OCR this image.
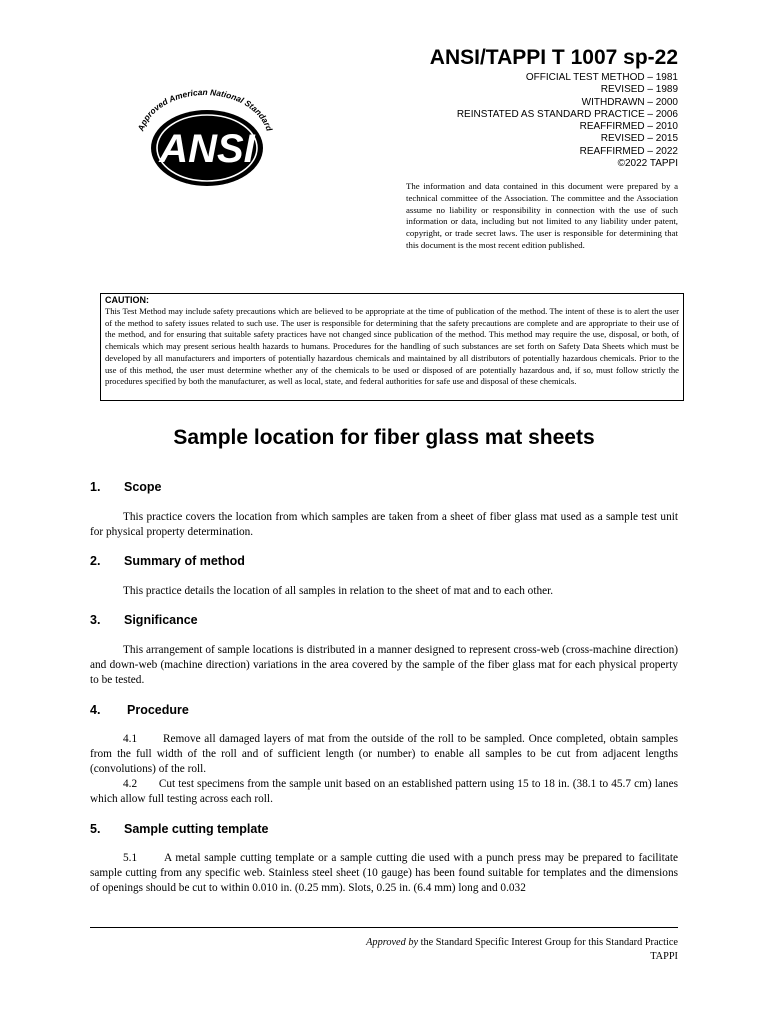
Approved American National Standard
ANSI
ANSI/TAPPI T 1007 sp-22
OFFICIAL TEST METHOD – 1981
REVISED – 1989
WITHDRAWN – 2000
REINSTATED AS STANDARD PRACTICE – 2006
REAFFIRMED – 2010
REVISED – 2015
REAFFIRMED – 2022
©2022 TAPPI
The information and data contained in this document were prepared by a technical committee of the Association. The committee and the Association assume no liability or responsibility in connection with the use of such information or data, including but not limited to any liability under patent, copyright, or trade secret laws. The user is responsible for determining that this document is the most recent edition published.
CAUTION:
This Test Method may include safety precautions which are believed to be appropriate at the time of publication of the method. The intent of these is to alert the user of the method to safety issues related to such use. The user is responsible for determining that the safety precautions are complete and are appropriate to their use of the method, and for ensuring that suitable safety practices have not changed since publication of the method. This method may require the use, disposal, or both, of chemicals which may present serious health hazards to humans. Procedures for the handling of such substances are set forth on Safety Data Sheets which must be developed by all manufacturers and importers of potentially hazardous chemicals and maintained by all distributors of potentially hazardous chemicals. Prior to the use of this method, the user must determine whether any of the chemicals to be used or disposed of are potentially hazardous and, if so, must follow strictly the procedures specified by both the manufacturer, as well as local, state, and federal authorities for safe use and disposal of these chemicals.
Sample location for fiber glass mat sheets
1. Scope
This practice covers the location from which samples are taken from a sheet of fiber glass mat used as a sample test unit for physical property determination.
2. Summary of method
This practice details the location of all samples in relation to the sheet of mat and to each other.
3. Significance
This arrangement of sample locations is distributed in a manner designed to represent cross-web (cross-machine direction) and down-web (machine direction) variations in the area covered by the sample of the fiber glass mat for each physical property to be tested.
4. Procedure
4.1       Remove all damaged layers of mat from the outside of the roll to be sampled. Once completed, obtain samples from the full width of the roll and of sufficient length (or number) to enable all samples to be cut from adjacent lengths (convolutions) of the roll.
4.2       Cut test specimens from the sample unit based on an established pattern using 15 to 18 in. (38.1 to 45.7 cm) lanes which allow full testing across each roll.
5. Sample cutting template
5.1       A metal sample cutting template or a sample cutting die used with a punch press may be prepared to facilitate sample cutting from any specific web. Stainless steel sheet (10 gauge) has been found suitable for templates and the dimensions of openings should be cut to within 0.010 in. (0.25 mm). Slots, 0.25 in. (6.4 mm) long and 0.032
Approved by the Standard Specific Interest Group for this Standard Practice
TAPPI
